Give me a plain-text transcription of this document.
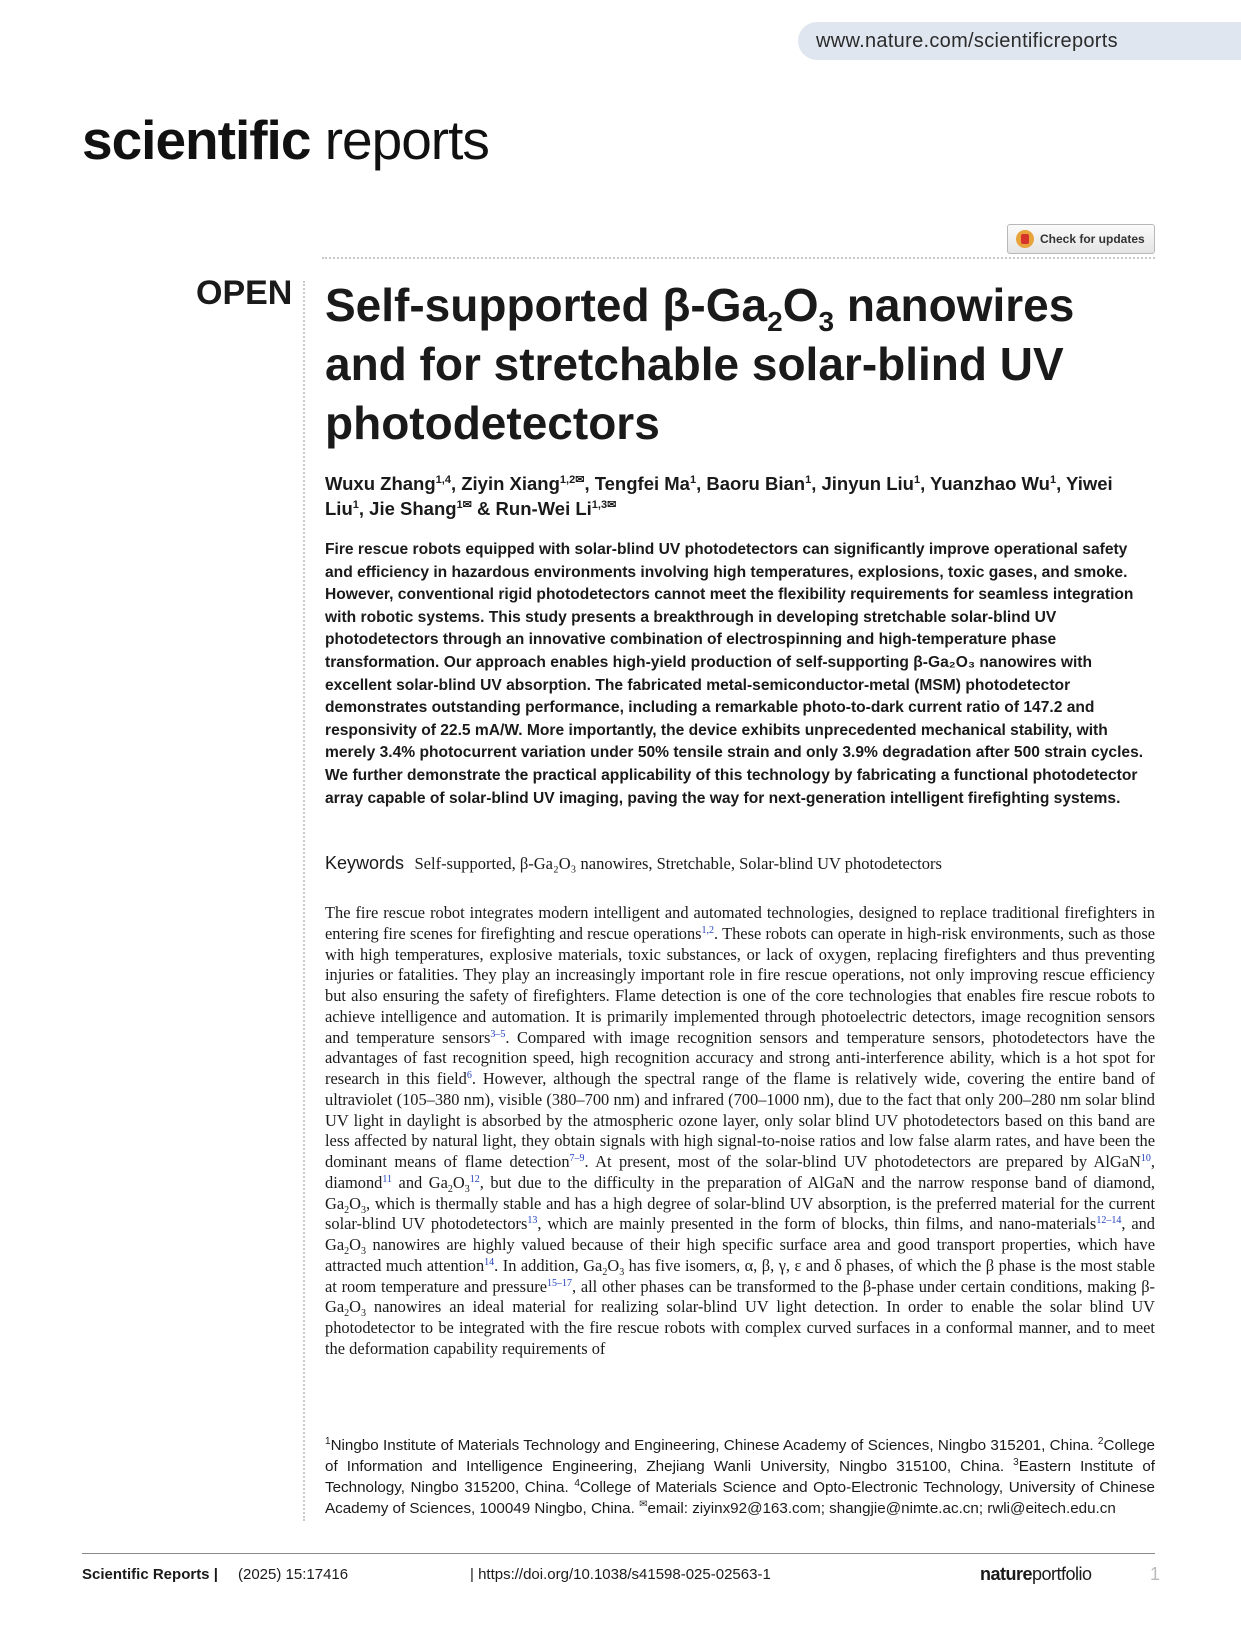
www.nature.com/scientificreports
scientific reports
Check for updates
OPEN Self-supported $\beta-Ga_2O_3$ nanowires and for stretchable solar-blind UV photodetectors
Wuxu Zhang$^{1,4}$, Ziyin Xiang$^{1,2✉}$, Tengfei Ma$^1$, Baoru Bian$^1$, Jinyun Liu$^1$, Yuanzhao Wu$^1$, Yiwei Liu$^1$, Jie Shang$^{1✉}$ & Run-Wei $Li^{1,3✉}$

Fire rescue robots equipped with solar-blind UV photodetectors can significantly improve operational safety and efficiency in hazardous environments involving high temperatures, explosions, toxic gases, and smoke. However, conventional rigid photodetectors cannot meet the flexibility requirements for seamless integration with robotic systems. This study presents a breakthrough in developing stretchable solar-blind UV photodetectors through an innovative combination of electrospinning and high-temperature phase transformation. Our approach enables high-yield production of self-supporting β-Ga₂O₃ nanowires with excellent solar-blind UV absorption. The fabricated metal-semiconductor-metal (MSM) photodetector demonstrates outstanding performance, including a remarkable photo-to-dark current ratio of 147.2 and responsivity of 22.5 mA/W. More importantly, the device exhibits unprecedented mechanical stability, with merely 3.4% photocurrent variation under 50% tensile strain and only 3.9% degradation after 500 strain cycles. We further demonstrate the practical applicability of this technology by fabricating a functional photodetector array capable of solar-blind UV imaging, paving the way for next-generation intelligent firefighting systems.

Keywords Self-supported, β-Ga₂O₃ nanowires, Stretchable, Solar-blind UV photodetectors

The fire rescue robot integrates modern intelligent and automated technologies, designed to replace traditional firefighters in entering fire scenes for firefighting and rescue operations$^{1,2}$. These robots can operate in high-risk environments, such as those with high temperatures, explosive materials, toxic substances, or lack of oxygen, replacing firefighters and thus preventing injuries or fatalities. They play an increasingly important role in fire rescue operations, not only improving rescue efficiency but also ensuring the safety of firefighters. Flame detection is one of the core technologies that enables fire rescue robots to achieve intelligence and automation. It is primarily implemented through photoelectric detectors, image recognition sensors and temperature sensors$^{3-5}$. Compared with image recognition sensors and temperature sensors, photodetectors have the advantages of fast recognition speed, high recognition accuracy and strong anti-interference ability, which is a hot spot for research in this field$^6$. However, although the spectral range of the flame is relatively wide, covering the entire band of ultraviolet (105–380 nm), visible (380–700 nm) and infrared (700–1000 nm), due to the fact that only 200–280 nm solar blind UV light in daylight is absorbed by the atmospheric ozone layer, only solar blind UV photodetectors based on this band are less affected by natural light, they obtain signals with high signal-to-noise ratios and low false alarm rates, and have been the dominant means of flame detection$^{7-9}$. At present, most of the solar-blind UV photodetectors are prepared by AlGaN$^{10}$, diamond$^{11}$ and $Ga_2O_3^{12}$, but due to the difficulty in the preparation of AlGaN and the narrow response band of diamond, $Ga_2O_3$, which is thermally stable and has a high degree of solar-blind UV absorption, is the preferred material for the current solar-blind UV photodetectors$^{13}$, which are mainly presented in the form of blocks, thin films, and nano-materials$^{12-14}$, and $Ga_2O_3$ nanowires are highly valued because of their high specific surface area and good transport properties, which have attracted much attention$^{14}$. In addition, $Ga_2O_3$ has five isomers, α, β, γ, ε and δ phases, of which the β phase is the most stable at room temperature and pressure$^{15-17}$, all other phases can be transformed to the β-phase under certain conditions, making $\beta-Ga_2O_3$ nanowires an ideal material for realizing solar-blind UV light detection. In order to enable the solar blind UV photodetector to be integrated with the fire rescue robots with complex curved surfaces in a conformal manner, and to meet the deformation capability requirements of

$^1$Ningbo Institute of Materials Technology and Engineering, Chinese Academy of Sciences, Ningbo 315201, China. $^2$College of Information and Intelligence Engineering, Zhejiang Wanli University, Ningbo 315100, China. $^3$Eastern Institute of Technology, Ningbo 315200, China. $^4$College of Materials Science and Opto-Electronic Technology, University of Chinese Academy of Sciences, 100049 Ningbo, China. ✉email: ziyinx92@163.com; shangjie@nimte.ac.cn; rwli@eitech.edu.cn

Scientific Reports | (2025) 15:17416	| https://doi.org/10.1038/s41598-025-02563-1	natureportfolio	1
